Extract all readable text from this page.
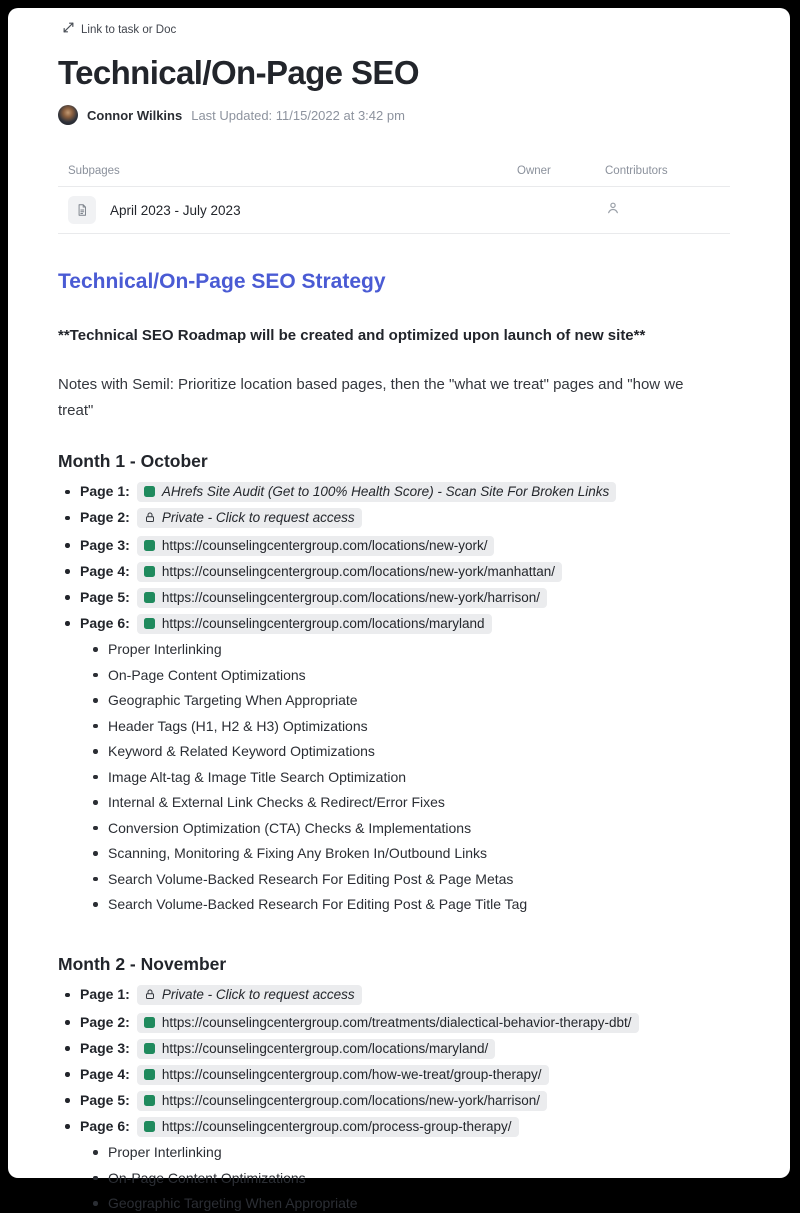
Link to task or Doc
Technical/On-Page SEO
Connor Wilkins Last Updated: 11/15/2022 at 3:42 pm
Subpages	Owner	Contributors
April 2023 - July 2023
Technical/On-Page SEO Strategy

**Technical SEO Roadmap will be created and optimized upon launch of new site**

Notes with Semil: Prioritize location based pages, then the "what we treat" pages and "how we treat"

Month 1 - October
Page 1: AHrefs Site Audit (Get to 100% Health Score) - Scan Site For Broken Links
Page 2: Private - Click to request access
Page 3: https://counselingcentergroup.com/locations/new-york/
Page 4: https://counselingcentergroup.com/locations/new-york/manhattan/
Page 5: https://counselingcentergroup.com/locations/new-york/harrison/
Page 6: https://counselingcentergroup.com/locations/maryland
Proper Interlinking
On-Page Content Optimizations
Geographic Targeting When Appropriate
Header Tags (H1, H2 & H3) Optimizations
Keyword & Related Keyword Optimizations
Image Alt-tag & Image Title Search Optimization
Internal & External Link Checks & Redirect/Error Fixes
Conversion Optimization (CTA) Checks & Implementations
Scanning, Monitoring & Fixing Any Broken In/Outbound Links
Search Volume-Backed Research For Editing Post & Page Metas
Search Volume-Backed Research For Editing Post & Page Title Tag
Month 2 - November
Page 1: Private - Click to request access
Page 2: https://counselingcentergroup.com/treatments/dialectical-behavior-therapy-dbt/
Page 3: https://counselingcentergroup.com/locations/maryland/
Page 4: https://counselingcentergroup.com/how-we-treat/group-therapy/
Page 5: https://counselingcentergroup.com/locations/new-york/harrison/
Page 6: https://counselingcentergroup.com/process-group-therapy/
Proper Interlinking
On-Page Content Optimizations
Geographic Targeting When Appropriate
